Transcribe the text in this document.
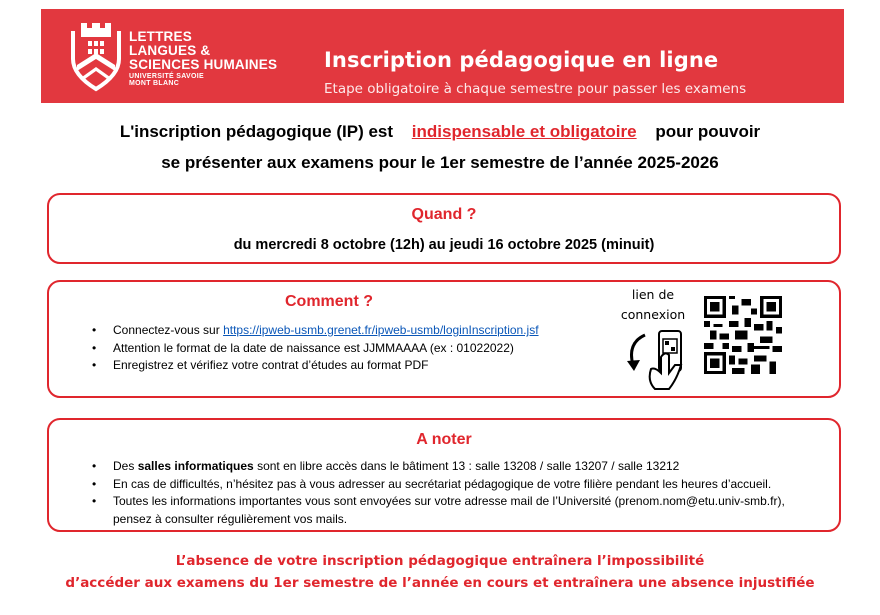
LETTRES
LANGUES &
SCIENCES HUMAINES
UNIVERSITÉ SAVOIE
MONT BLANC
Inscription pédagogique en ligne
Etape obligatoire à chaque semestre pour passer les examens
L'inscription pédagogique (IP) est indispensable et obligatoire pour pouvoir
se présenter aux examens pour le 1er semestre de l’année 2025-2026
Quand ?
du mercredi 8 octobre (12h) au jeudi 16 octobre 2025 (minuit)
Comment ?
• Connectez-vous sur https://ipweb-usmb.grenet.fr/ipweb-usmb/loginInscription.jsf
• Attention le format de la date de naissance est JJMMAAAA (ex : 01022022)
• Enregistrez et vérifiez votre contrat d’études au format PDF
lien de
connexion
A noter
• Des salles informatiques sont en libre accès dans le bâtiment 13 : salle 13208 / salle 13207 / salle 13212
• En cas de difficultés, n’hésitez pas à vous adresser au secrétariat pédagogique de votre filière pendant les heures d’accueil.
• Toutes les informations importantes vous sont envoyées sur votre adresse mail de l’Université (prenom.nom@etu.univ-smb.fr), pensez à consulter régulièrement vos mails.
L’absence de votre inscription pédagogique entraînera l’impossibilité
d’accéder aux examens du 1er semestre de l’année en cours et entraînera une absence injustifiée
